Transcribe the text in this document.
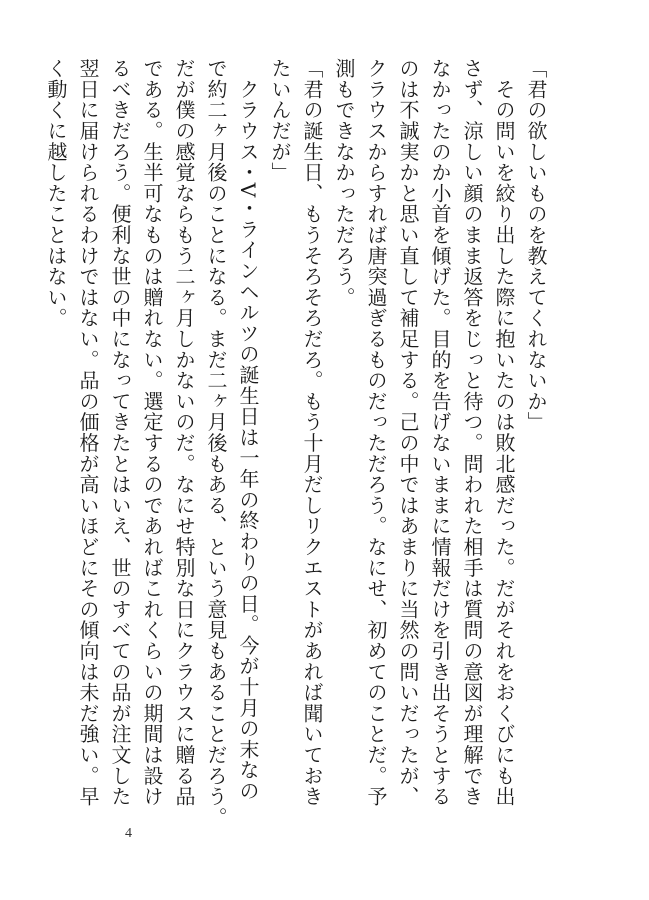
「君の欲しいものを教えてくれないか」
　その問いを絞り出した際に抱いたのは敗北感だった。だがそれをおくびにも出
さず、涼しい顔のまま返答をじっと待つ。問われた相手は質問の意図が理解でき
なかったのか小首を傾げた。目的を告げないままに情報だけを引き出そうとする
のは不誠実かと思い直して補足する。己の中ではあまりに当然の問いだったが、
クラウスからすれば唐突過ぎるものだっただろう。なにせ、初めてのことだ。予
測もできなかっただろう。
「君の誕生日、もうそろそろだろ。もう十月だしリクエストがあれば聞いておき
たいんだが」
　クラウス・V・ラインヘルツの誕生日は一年の終わりの日。今が十月の末なの
で約二ヶ月後のことになる。まだ二ヶ月後もある、という意見もあることだろう。
だが僕の感覚ならもう二ヶ月しかないのだ。なにせ特別な日にクラウスに贈る品
である。生半可なものは贈れない。選定するのであればこれくらいの期間は設け
るべきだろう。便利な世の中になってきたとはいえ、世のすべての品が注文した
翌日に届けられるわけではない。品の価格が高いほどにその傾向は未だ強い。早
く動くに越したことはない。
4
